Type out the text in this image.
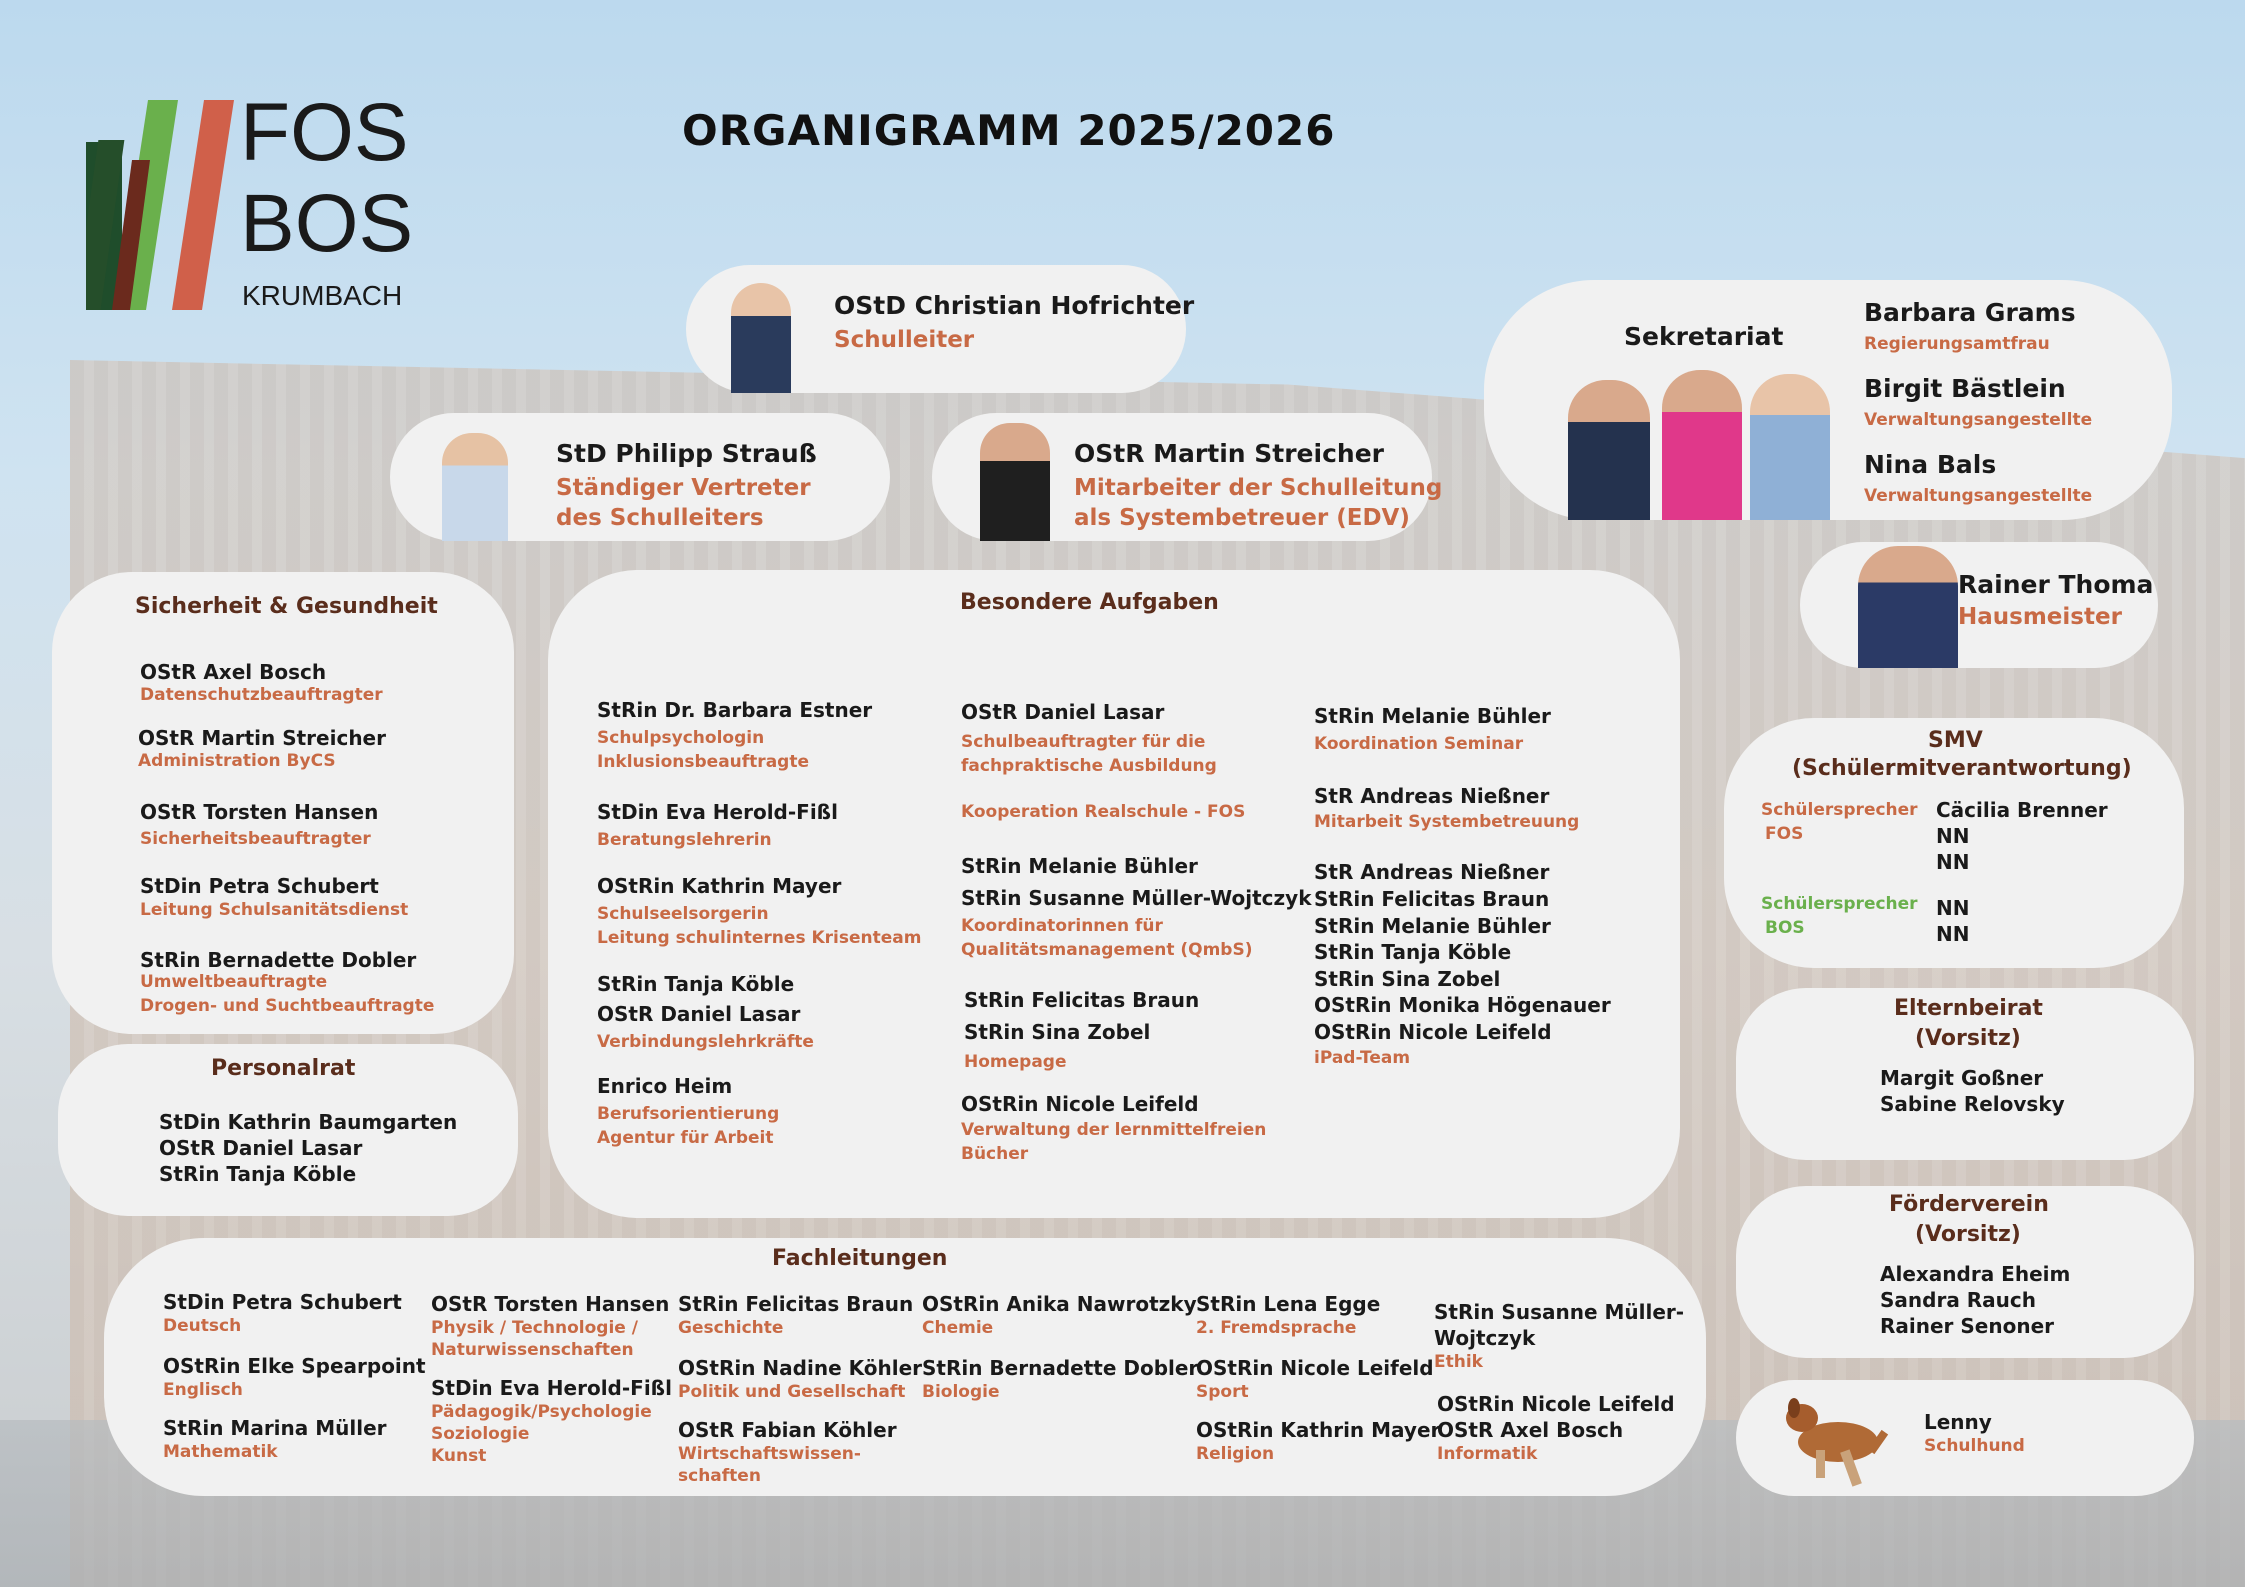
FOS
BOS
KRUMBACH
ORGANIGRAMM 2025/2026
OStD Christian Hofrichter
Schulleiter
StD Philipp Strauß
Ständiger Vertreter
des Schulleiters
OStR Martin Streicher
Mitarbeiter der Schulleitung
als Systembetreuer (EDV)
Sekretariat
Barbara Grams
Regierungsamtfrau
Birgit Bästlein
Verwaltungsangestellte
Nina Bals
Verwaltungsangestellte
Rainer Thoma
Hausmeister
Sicherheit & Gesundheit
OStR Axel Bosch
Datenschutzbeauftragter
OStR Martin Streicher
Administration ByCS
OStR Torsten Hansen
Sicherheitsbeauftragter
StDin Petra Schubert
Leitung Schulsanitätsdienst
StRin Bernadette Dobler
Umweltbeauftragte
Drogen- und Suchtbeauftragte
Personalrat
StDin Kathrin Baumgarten
OStR Daniel Lasar
StRin Tanja Köble
Besondere Aufgaben
StRin Dr. Barbara Estner
Schulpsychologin
Inklusionsbeauftragte
StDin Eva Herold-Fißl
Beratungslehrerin
OStRin Kathrin Mayer
Schulseelsorgerin
Leitung schulinternes Krisenteam
StRin Tanja Köble
OStR Daniel Lasar
Verbindungslehrkräfte
Enrico Heim
Berufsorientierung
Agentur für Arbeit
OStR Daniel Lasar
Schulbeauftragter für die
fachpraktische Ausbildung
Kooperation Realschule - FOS
StRin Melanie Bühler
StRin Susanne Müller-Wojtczyk
Koordinatorinnen für
Qualitätsmanagement (QmbS)
StRin Felicitas Braun
StRin Sina Zobel
Homepage
OStRin Nicole Leifeld
Verwaltung der lernmittelfreien
Bücher
StRin Melanie Bühler
Koordination Seminar
StR Andreas Nießner
Mitarbeit Systembetreuung
StR Andreas Nießner
StRin Felicitas Braun
StRin Melanie Bühler
StRin Tanja Köble
StRin Sina Zobel
OStRin Monika Högenauer
OStRin Nicole Leifeld
iPad-Team
SMV
(Schülermitverantwortung)
Schülersprecher
FOS
Cäcilia Brenner
NN
NN
Schülersprecher
BOS
NN
NN
Elternbeirat
(Vorsitz)
Margit Goßner
Sabine Relovsky
Förderverein
(Vorsitz)
Alexandra Eheim
Sandra Rauch
Rainer Senoner
Lenny
Schulhund
Fachleitungen
StDin Petra Schubert
Deutsch
OStRin Elke Spearpoint
Englisch
StRin Marina Müller
Mathematik
OStR Torsten Hansen
Physik / Technologie /
Naturwissenschaften
StDin Eva Herold-Fißl
Pädagogik/Psychologie
Soziologie
Kunst
StRin Felicitas Braun
Geschichte
OStRin Nadine Köhler
Politik und Gesellschaft
OStR Fabian Köhler
Wirtschaftswissen-
schaften
OStRin Anika Nawrotzky
Chemie
StRin Bernadette Dobler
Biologie
StRin Lena Egge
2. Fremdsprache
OStRin Nicole Leifeld
Sport
OStRin Kathrin Mayer
Religion
StRin Susanne Müller-
Wojtczyk
Ethik
OStRin Nicole Leifeld
OStR Axel Bosch
Informatik
